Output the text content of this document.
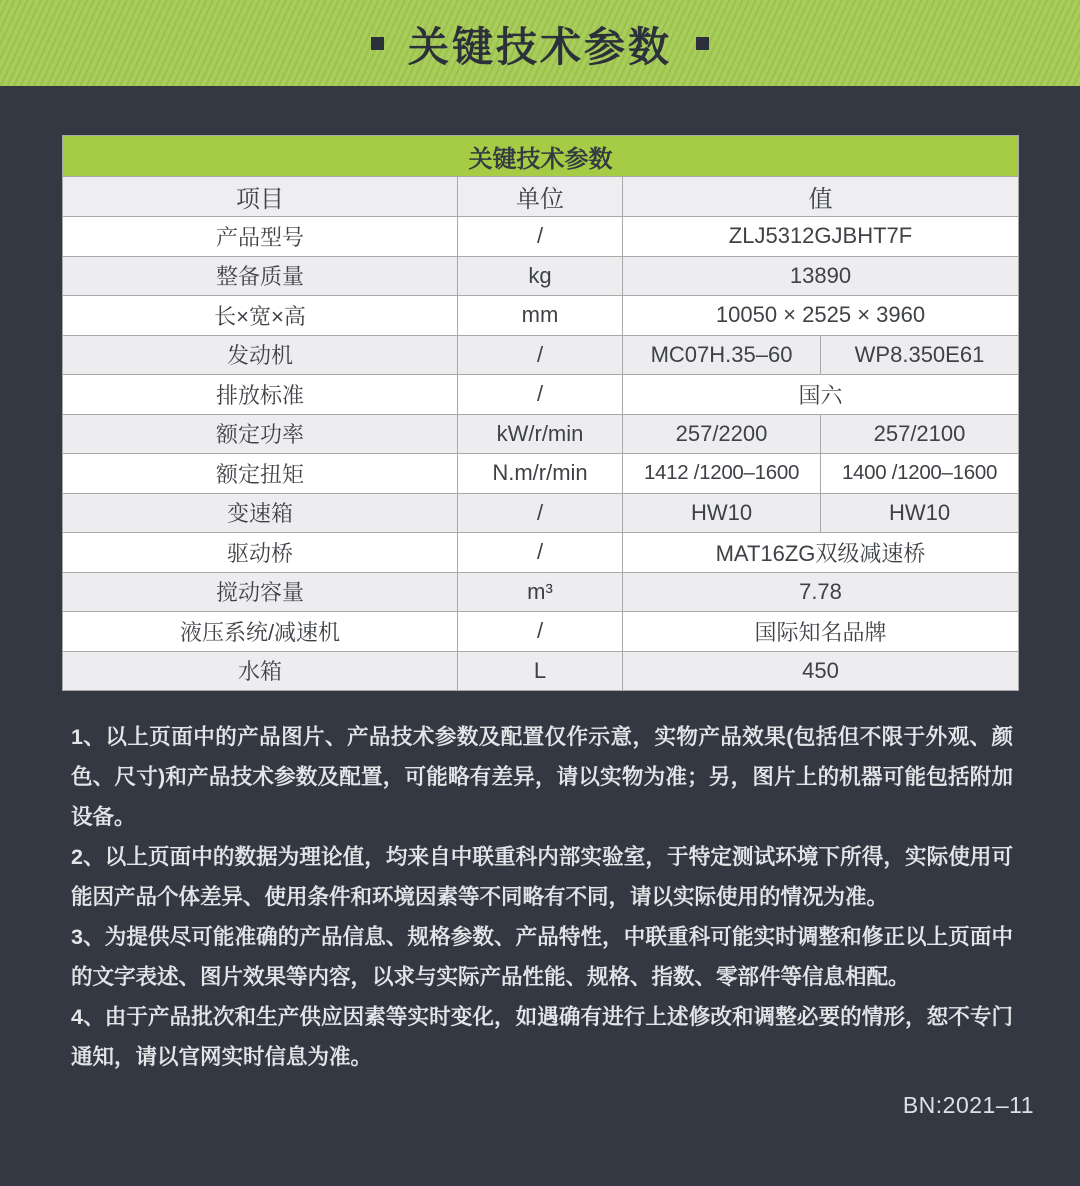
关键技术参数
关键技术参数			
项目	单位	值	
产品型号	/	ZLJ5312GJBHT7F	
整备质量	kg	13890	
长×宽×高	mm	10050 × 2525 × 3960	
发动机	/	MC07H.35–60	WP8.350E61
排放标准	/	国六	
额定功率	kW/r/min	257/2200	257/2100
额定扭矩	N.m/r/min	1412 /1200–1600	1400 /1200–1600
变速箱	/	HW10	HW10
驱动桥	/	MAT16ZG双级减速桥	
搅动容量	m³	7.78	
液压系统/减速机	/	国际知名品牌	
水箱	L	450	

1、以上页面中的产品图片、产品技术参数及配置仅作示意，实物产品效果(包括但不限于外观、颜色、尺寸)和产品技术参数及配置，可能略有差异，请以实物为准；另，图片上的机器可能包括附加设备。

2、以上页面中的数据为理论值，均来自中联重科内部实验室，于特定测试环境下所得，实际使用可能因产品个体差异、使用条件和环境因素等不同略有不同，请以实际使用的情况为准。

3、为提供尽可能准确的产品信息、规格参数、产品特性，中联重科可能实时调整和修正以上页面中的文字表述、图片效果等内容，以求与实际产品性能、规格、指数、零部件等信息相配。

4、由于产品批次和生产供应因素等实时变化，如遇确有进行上述修改和调整必要的情形，恕不专门通知，请以官网实时信息为准。

BN:2021–11
